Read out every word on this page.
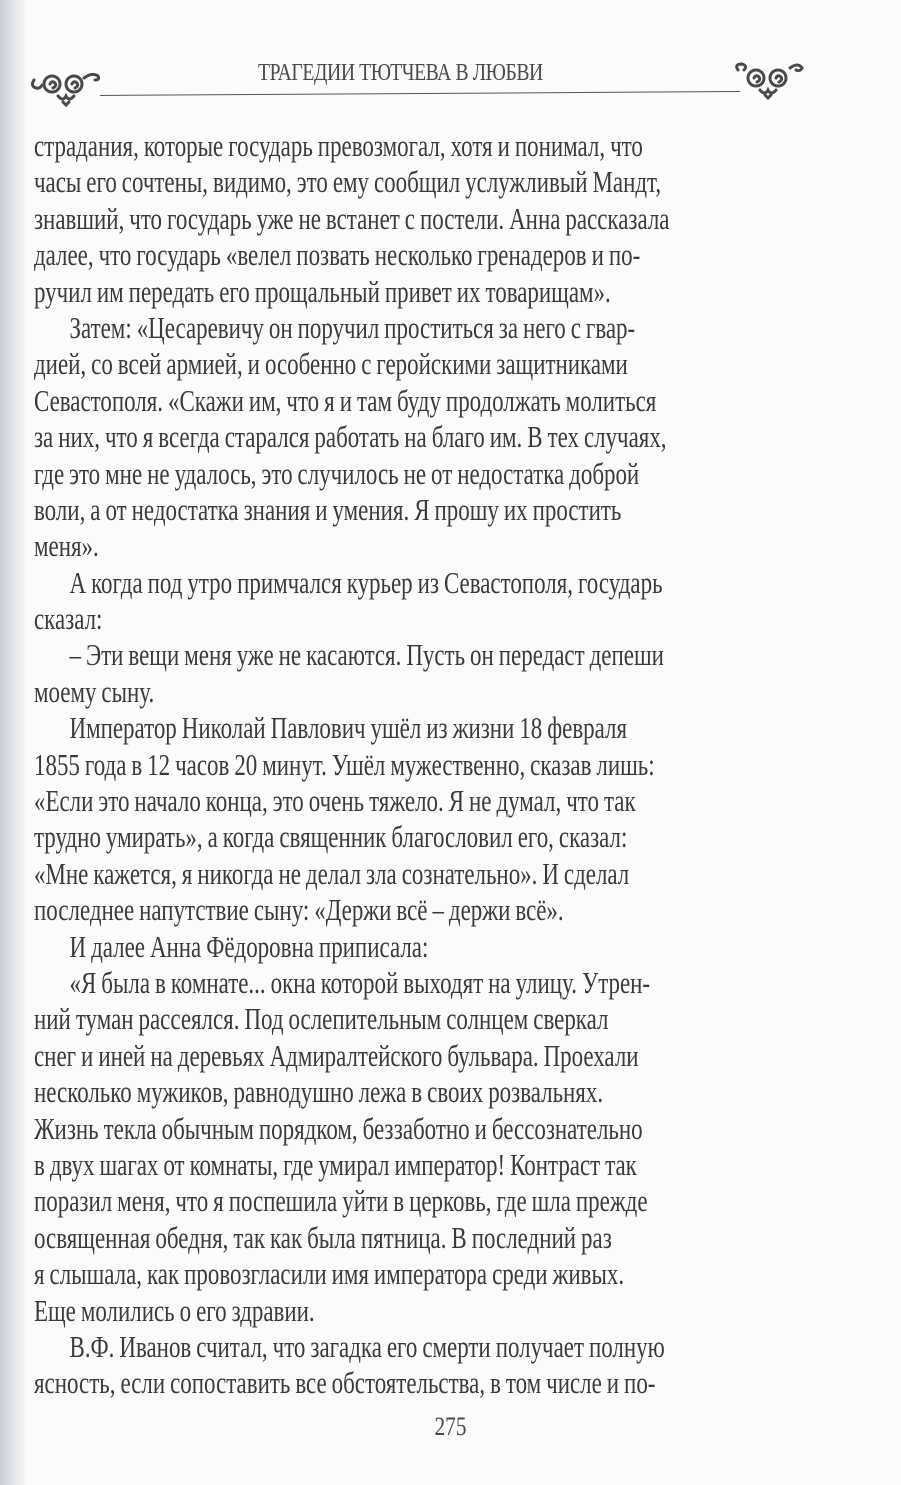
ТРАГЕДИИ ТЮТЧЕВА В ЛЮБВИ
страдания, которые государь превозмогал, хотя и понимал, что
часы его сочтены, видимо, это ему сообщил услужливый Мандт,
знавший, что государь уже не встанет с постели. Анна рассказала
далее, что государь «велел позвать несколько гренадеров и по-
ручил им передать его прощальный привет их товарищам».
Затем: «Цесаревичу он поручил проститься за него с гвар-
дией, со всей армией, и особенно с геройскими защитниками
Севастополя. «Скажи им, что я и там буду продолжать молиться
за них, что я всегда старался работать на благо им. В тех случаях,
где это мне не удалось, это случилось не от недостатка доброй
воли, а от недостатка знания и умения. Я прошу их простить
меня».
А когда под утро примчался курьер из Севастополя, государь
сказал:
– Эти вещи меня уже не касаются. Пусть он передаст депеши
моему сыну.
Император Николай Павлович ушёл из жизни 18 февраля
1855 года в 12 часов 20 минут. Ушёл мужественно, сказав лишь:
«Если это начало конца, это очень тяжело. Я не думал, что так
трудно умирать», а когда священник благословил его, сказал:
«Мне кажется, я никогда не делал зла сознательно». И сделал
последнее напутствие сыну: «Держи всё – держи всё».
И далее Анна Фёдоровна приписала:
«Я была в комнате... окна которой выходят на улицу. Утрен-
ний туман рассеялся. Под ослепительным солнцем сверкал
снег и иней на деревьях Адмиралтейского бульвара. Проехали
несколько мужиков, равнодушно лежа в своих розвальнях.
Жизнь текла обычным порядком, беззаботно и бессознательно
в двух шагах от комнаты, где умирал император! Контраст так
поразил меня, что я поспешила уйти в церковь, где шла прежде
освященная обедня, так как была пятница. В последний раз
я слышала, как провозгласили имя императора среди живых.
Еще молились о его здравии.
В.Ф. Иванов считал, что загадка его смерти получает полную
ясность, если сопоставить все обстоятельства, в том числе и по-
275
